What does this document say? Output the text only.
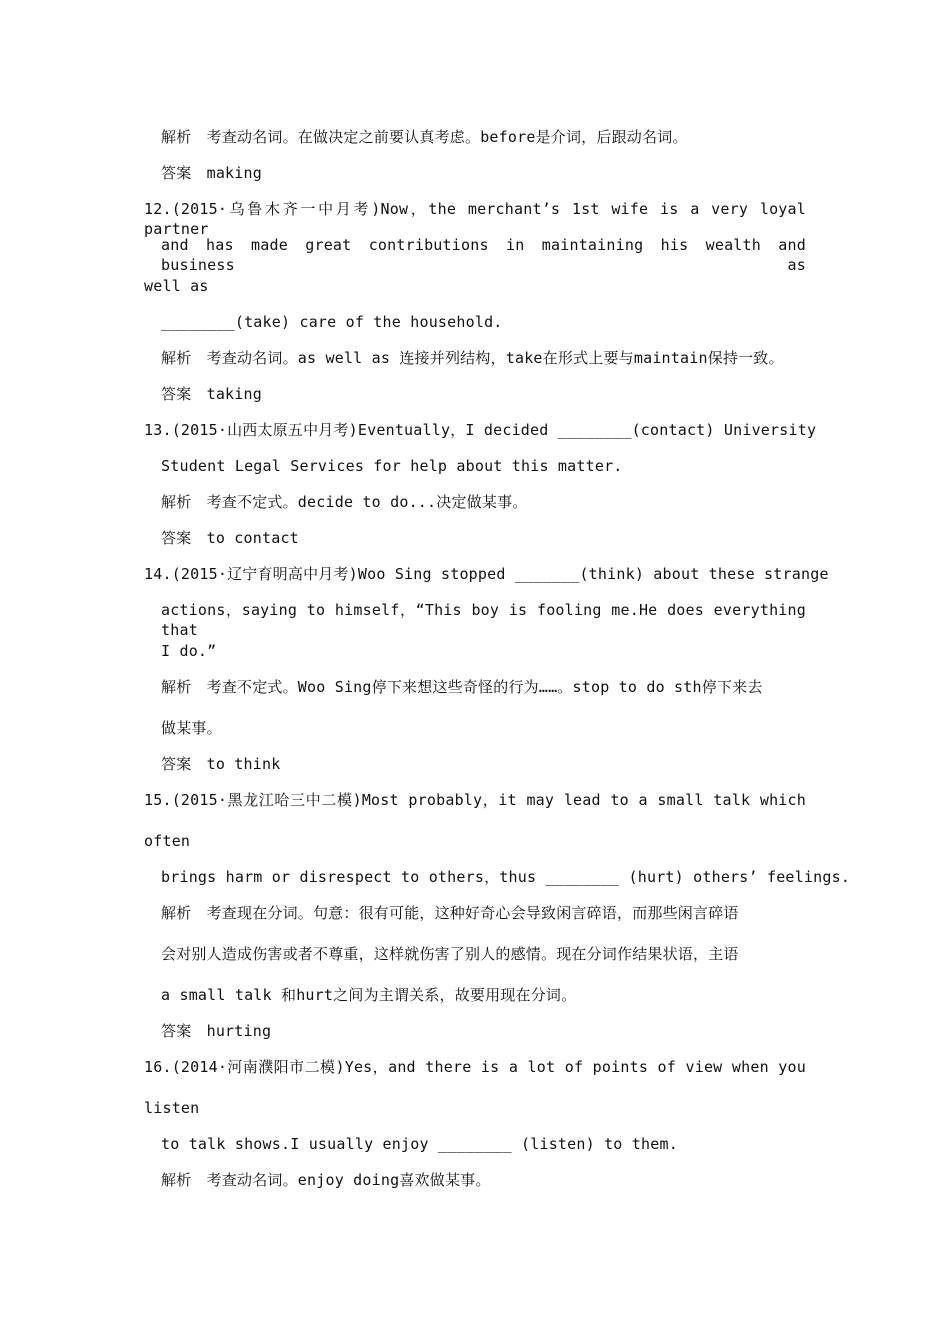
解析　考查动名词。在做决定之前要认真考虑。before是介词，后跟动名词。
答案　making
12.(2015·乌鲁木齐一中月考)Now，the merchant’s 1st wife is a very loyal partner
and has made great contributions in maintaining his wealth and business as
well as
________(take) care of the household.
解析　考查动名词。as well as 连接并列结构，take在形式上要与maintain保持一致。
答案　taking
13.(2015·山西太原五中月考)Eventually，I decided ________(contact) University
Student Legal Services for help about this matter.
解析　考查不定式。decide to do...决定做某事。
答案　to contact
14.(2015·辽宁育明高中月考)Woo Sing stopped _______(think) about these strange
actions，saying to himself，“This boy is fooling me.He does everything that
I do.”
解析　考查不定式。Woo Sing停下来想这些奇怪的行为……。stop to do sth停下来去
做某事。
答案　to think
15.(2015·黑龙江哈三中二模)Most probably，it may lead to a small talk which
often
brings harm or disrespect to others，thus ________ (hurt) others’ feelings.
解析　考查现在分词。句意：很有可能，这种好奇心会导致闲言碎语，而那些闲言碎语
会对别人造成伤害或者不尊重，这样就伤害了别人的感情。现在分词作结果状语，主语
a small talk 和hurt之间为主谓关系，故要用现在分词。
答案　hurting
16.(2014·河南濮阳市二模)Yes，and there is a lot of points of view when you
listen
to talk shows.I usually enjoy ________ (listen) to them.
解析　考查动名词。enjoy doing喜欢做某事。
